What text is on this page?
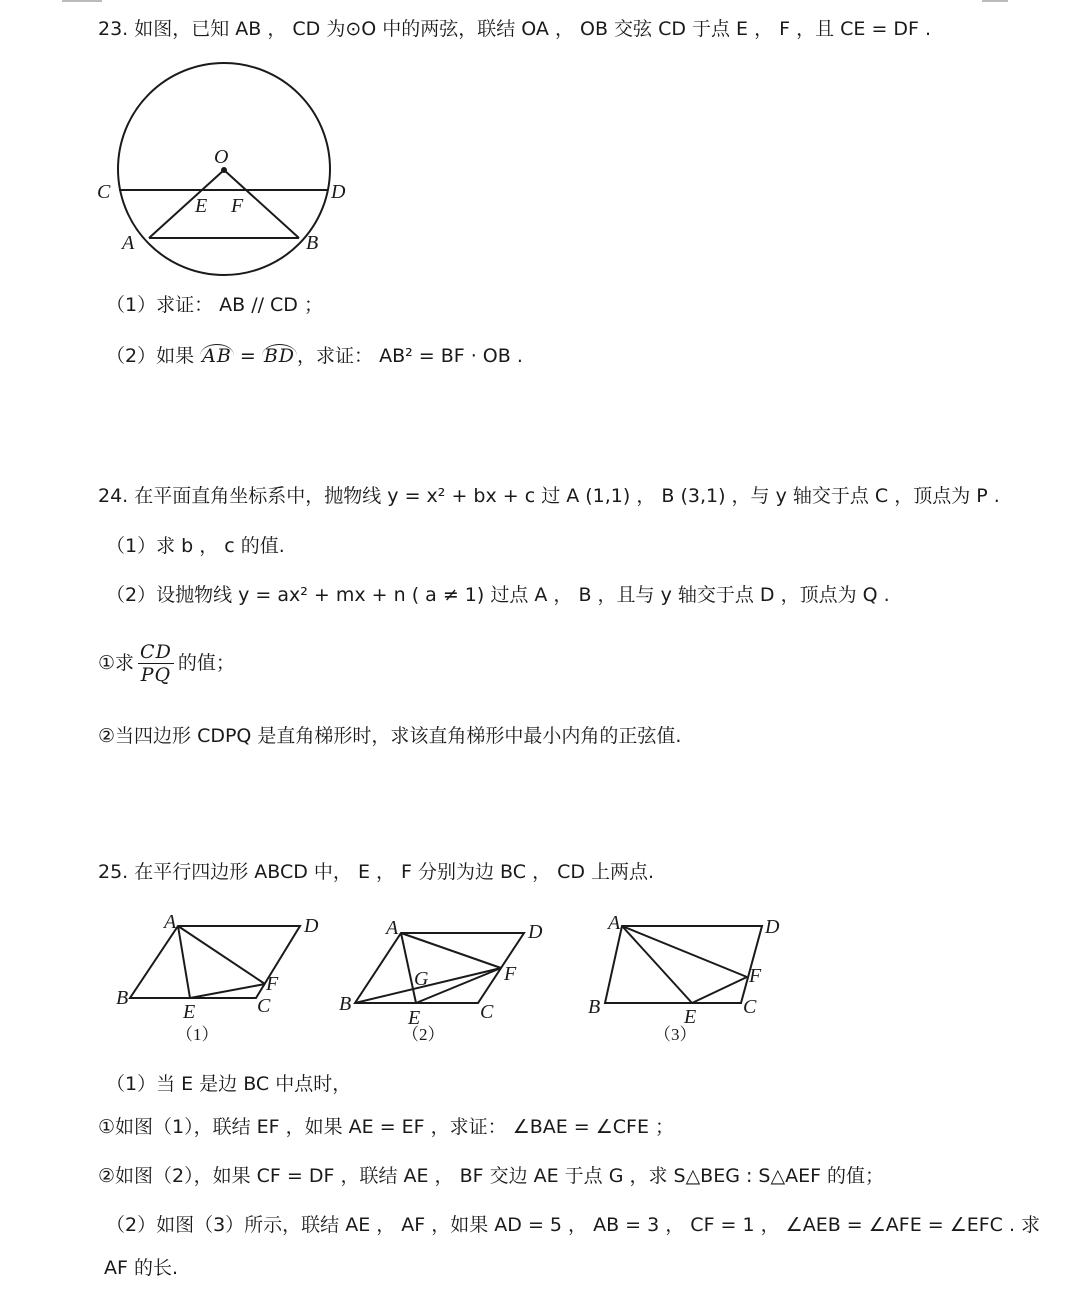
23. 如图，已知 AB ， CD 为⊙O 中的两弦，联结 OA ， OB 交弦 CD 于点 E ， F ，且 CE = DF .
O
C	D
E F
A	B
（1）求证： AB // CD ；
（2）如果 AB = BD ，求证： AB² = BF · OB .
24. 在平面直角坐标系中，抛物线 y = x² + bx + c 过 A (1,1) ， B (3,1) ，与 y 轴交于点 C ，顶点为 P .
（1）求 b ， c 的值.
（2）设抛物线 y = ax² + mx + n ( a ≠ 1) 过点 A ， B ，且与 y 轴交于点 D ，顶点为 Q .
①求 $\frac{CD}{PQ}$ 的值；
②当四边形 CDPQ 是直角梯形时，求该直角梯形中最小内角的正弦值.
25. 在平行四边形 ABCD 中， E ， F 分别为边 BC ， CD 上两点.
A	D
B	C
E
F
（1）
A	D
B	C
E
F
G
（2）
A	D
B	C
E
F
（3）
（1）当 E 是边 BC 中点时，
①如图（1），联结 EF ，如果 AE = EF ，求证： ∠BAE = ∠CFE ；
②如图（2），如果 CF = DF ，联结 AE ， BF 交边 AE 于点 G ，求 S△BEG : S△AEF 的值；
（2）如图（3）所示，联结 AE ， AF ，如果 AD = 5 ， AB = 3 ， CF = 1 ， ∠AEB = ∠AFE = ∠EFC . 求
AF 的长.
